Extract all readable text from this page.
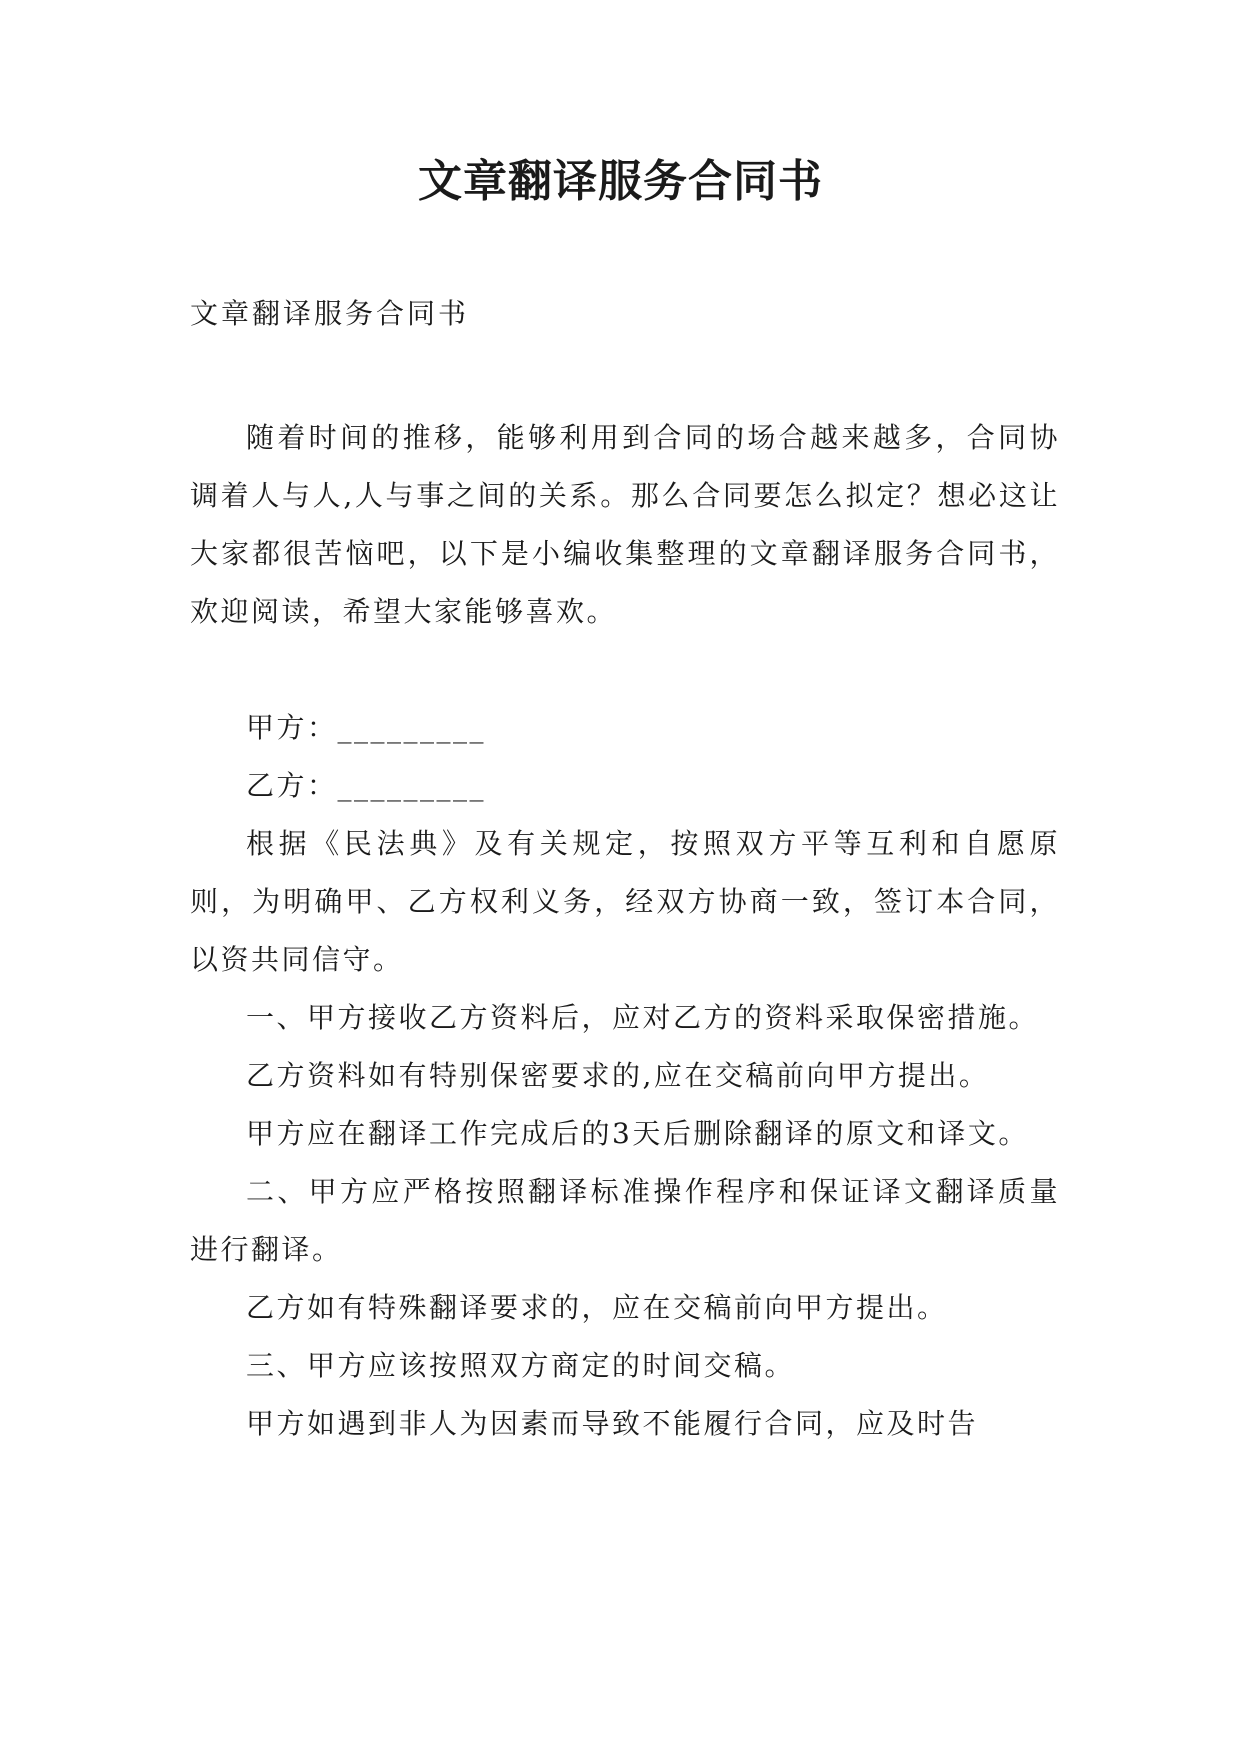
文章翻译服务合同书

文章翻译服务合同书

随着时间的推移，能够利用到合同的场合越来越多，合同协调着人与人,人与事之间的关系。那么合同要怎么拟定？想必这让大家都很苦恼吧，以下是小编收集整理的文章翻译服务合同书，欢迎阅读，希望大家能够喜欢。

甲方：_________

乙方：_________

根据《民法典》及有关规定，按照双方平等互利和自愿原则，为明确甲、乙方权利义务，经双方协商一致，签订本合同，以资共同信守。

一、甲方接收乙方资料后，应对乙方的资料采取保密措施。

乙方资料如有特别保密要求的,应在交稿前向甲方提出。

甲方应在翻译工作完成后的3天后删除翻译的原文和译文。

二、甲方应严格按照翻译标准操作程序和保证译文翻译质量进行翻译。

乙方如有特殊翻译要求的，应在交稿前向甲方提出。

三、甲方应该按照双方商定的时间交稿。

甲方如遇到非人为因素而导致不能履行合同，应及时告
